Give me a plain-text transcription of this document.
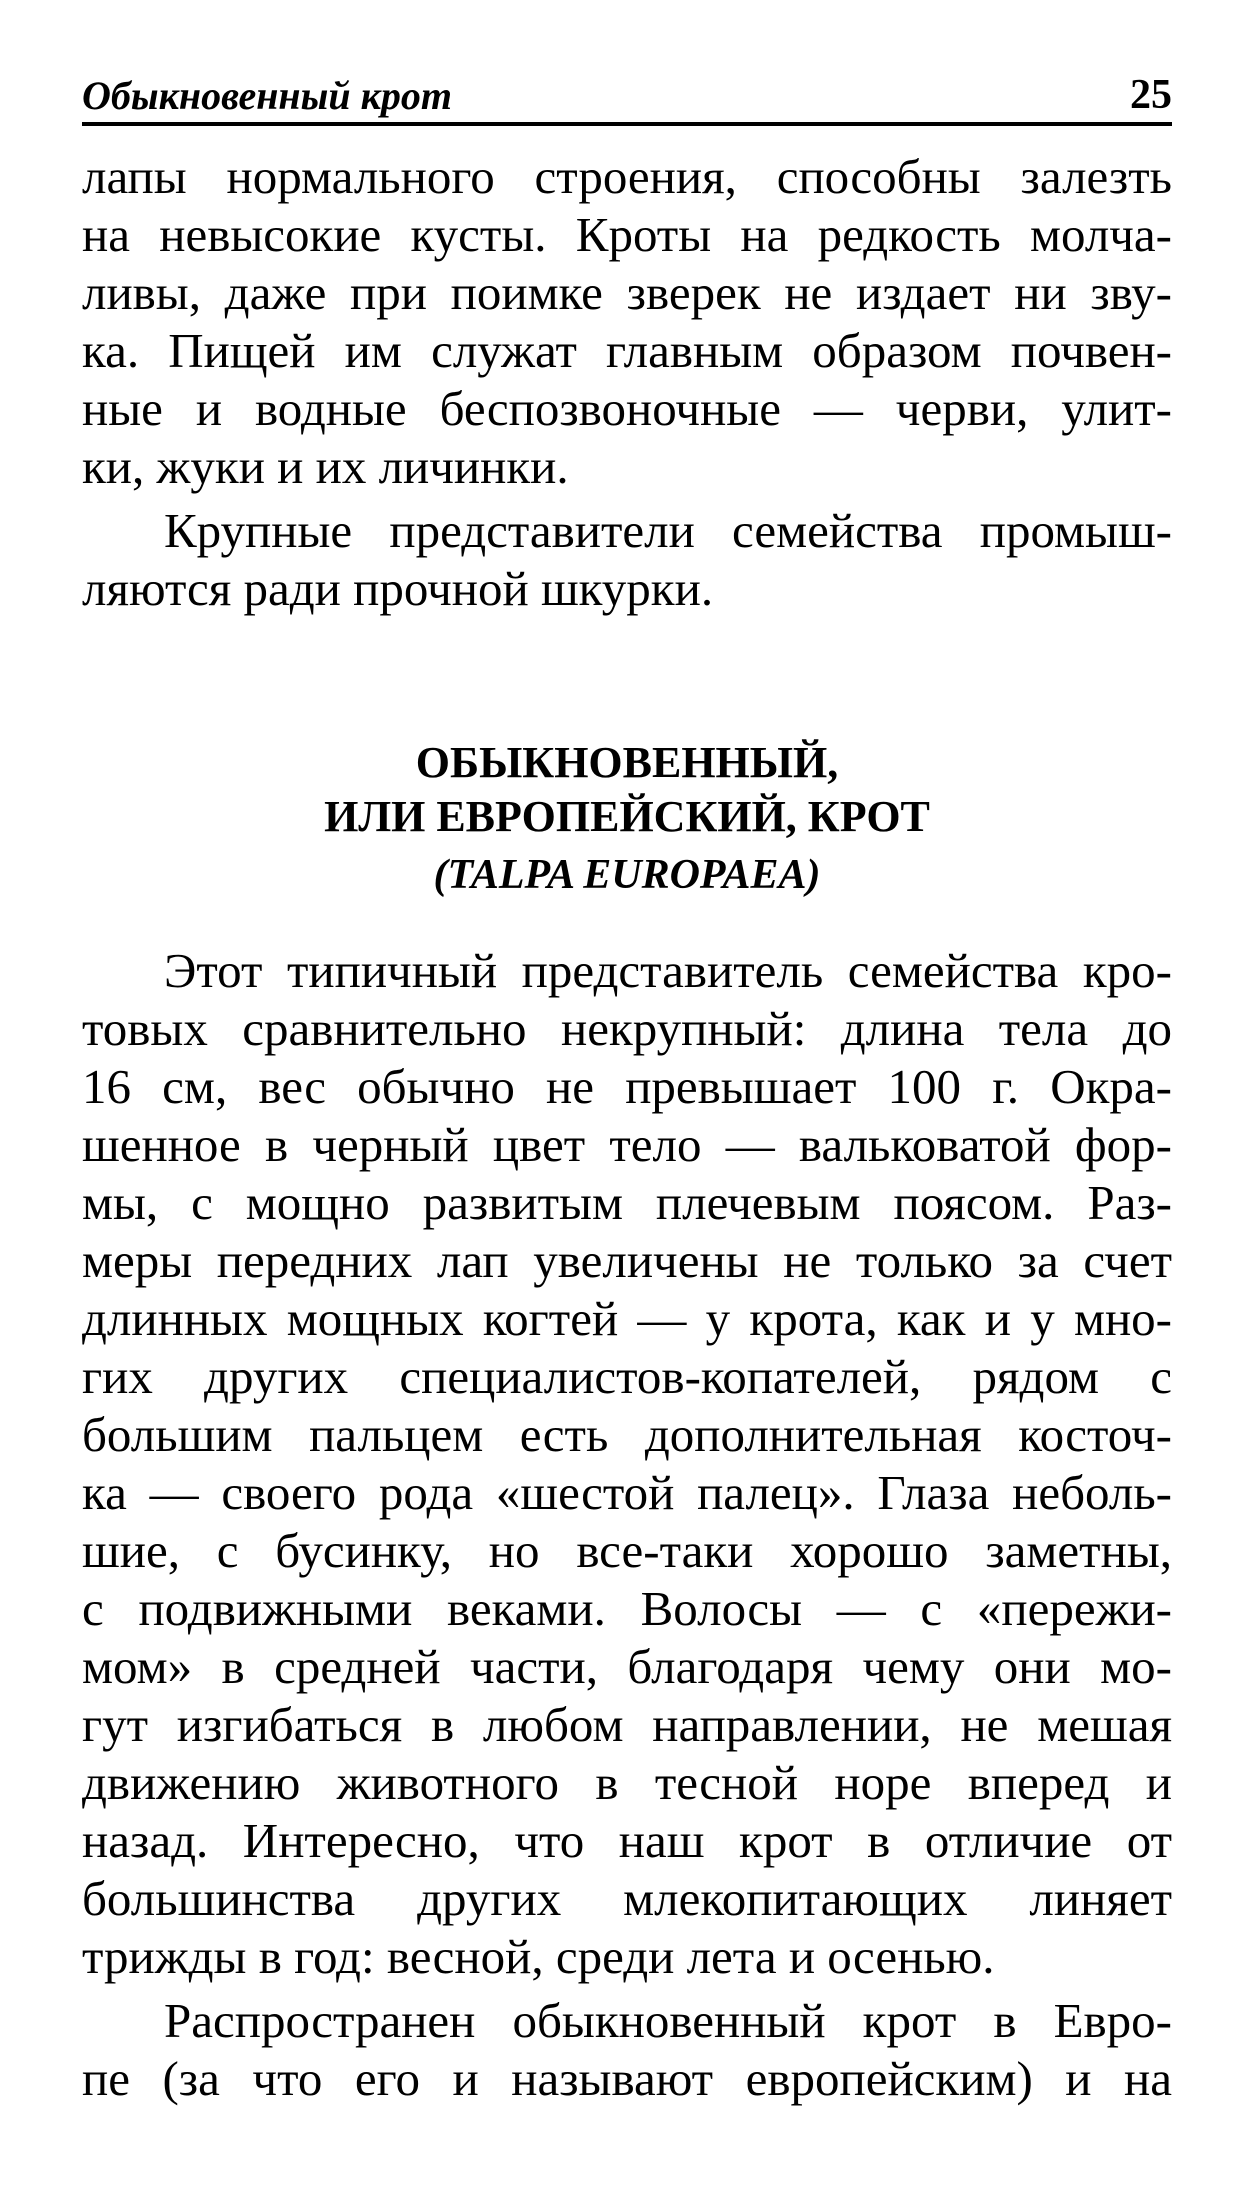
Обыкновенный крот	25

лапы нормального строения, способны залезть
на невысокие кусты. Кроты на редкость молча-
ливы, даже при поимке зверек не издает ни зву-
ка. Пищей им служат главным образом почвен-
ные и водные беспозвоночные — черви, улит-
ки, жуки и их личинки.

Крупные представители семейства промыш-
ляются ради прочной шкурки.

ОБЫКНОВЕННЫЙ,
ИЛИ ЕВРОПЕЙСКИЙ, КРОТ
(TALPA EUROPAEA)

Этот типичный представитель семейства кро-
товых сравнительно некрупный: длина тела до
16 см, вес обычно не превышает 100 г. Окра-
шенное в черный цвет тело — вальковатой фор-
мы, с мощно развитым плечевым поясом. Раз-
меры передних лап увеличены не только за счет
длинных мощных когтей — у крота, как и у мно-
гих других специалистов-копателей, рядом с
большим пальцем есть дополнительная косточ-
ка — своего рода «шестой палец». Глаза неболь-
шие, с бусинку, но все-таки хорошо заметны,
с подвижными веками. Волосы — с «пережи-
мом» в средней части, благодаря чему они мо-
гут изгибаться в любом направлении, не мешая
движению животного в тесной норе вперед и
назад. Интересно, что наш крот в отличие от
большинства других млекопитающих линяет
трижды в год: весной, среди лета и осенью.

Распространен обыкновенный крот в Евро-
пе (за что его и называют европейским) и на
